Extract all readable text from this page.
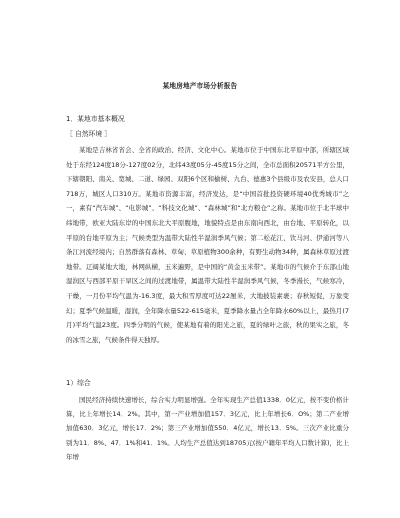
某地房地产市场分析报告
1．某地市基本概况
［ 自然环境 ］

某地是吉林省省会、全省的政治、经济、文化中心。某地市位于中国东北平原中部，所辖区域处于东经124度18分-127度02分，北纬43度05分-45度15分之间，全市总面积20571平方公里，下辖朝阳、南关、宽城、二道、绿园、双阳6个区和榆树、九台、德惠3个县级市及农安县，总人口718万，城区人口310万。某地市资源丰富，经济发达，是“中国首批投资硬环境40优秀城市”之一，素有“汽车城”、“电影城”、“科技文化城”、“森林城”和“北方粮仓”之称。某地市位于北半球中纬地带，欧亚大陆东岸的中国东北大平原腹地，地貌特点是由东南向西北，由台地、平原转化，以平原的台地平原为主；气候类型为温带大陆性半湿润季风气候；第二松花江、饮马河、伊通河等八条江河流经境内；自然群落有森林、草甸、草原植物300余种，有野生动物34种，属森林草原过渡地带。辽阔某地大地，林网纵横，玉米遍野，是中国的“黄金玉米带”。某地市的气候介于东部山地湿润区与西部平原干旱区之间的过渡地带，属温带大陆性半湿润季风气候，冬季漫长，气候寒冷，干燥，一月份平均气温为-16.3度，最大积雪厚度可达22厘米，大地披装素裹；春秋短促，万象变幻；夏季气候温暖，湿润，全年降水量522-615毫米，夏季降水量占全年降水60%以上，最热月(7月)平均气温23度。四季分明的气候，使某地有着的阳光之旅，夏的绿叶之旅，秋的果实之旅，冬的冰雪之旅，气候条件得天独厚。

1）综合

国民经济持续快速增长，综合实力明显增强。全年实现生产总值1338．0亿元，按不变价格计算，比上年增长14．2%。其中，第一产业增加值157．3亿元，比上年增长6．O%；第二产业增加值630．3亿元，增长17．2%；第三产业增加值550．4亿元，增长13．5%。三次产业比重分别为11．8%、47．1%和41．1%。人均生产总值达到18705元(按户籍年平均人口数计算)，比上年增
